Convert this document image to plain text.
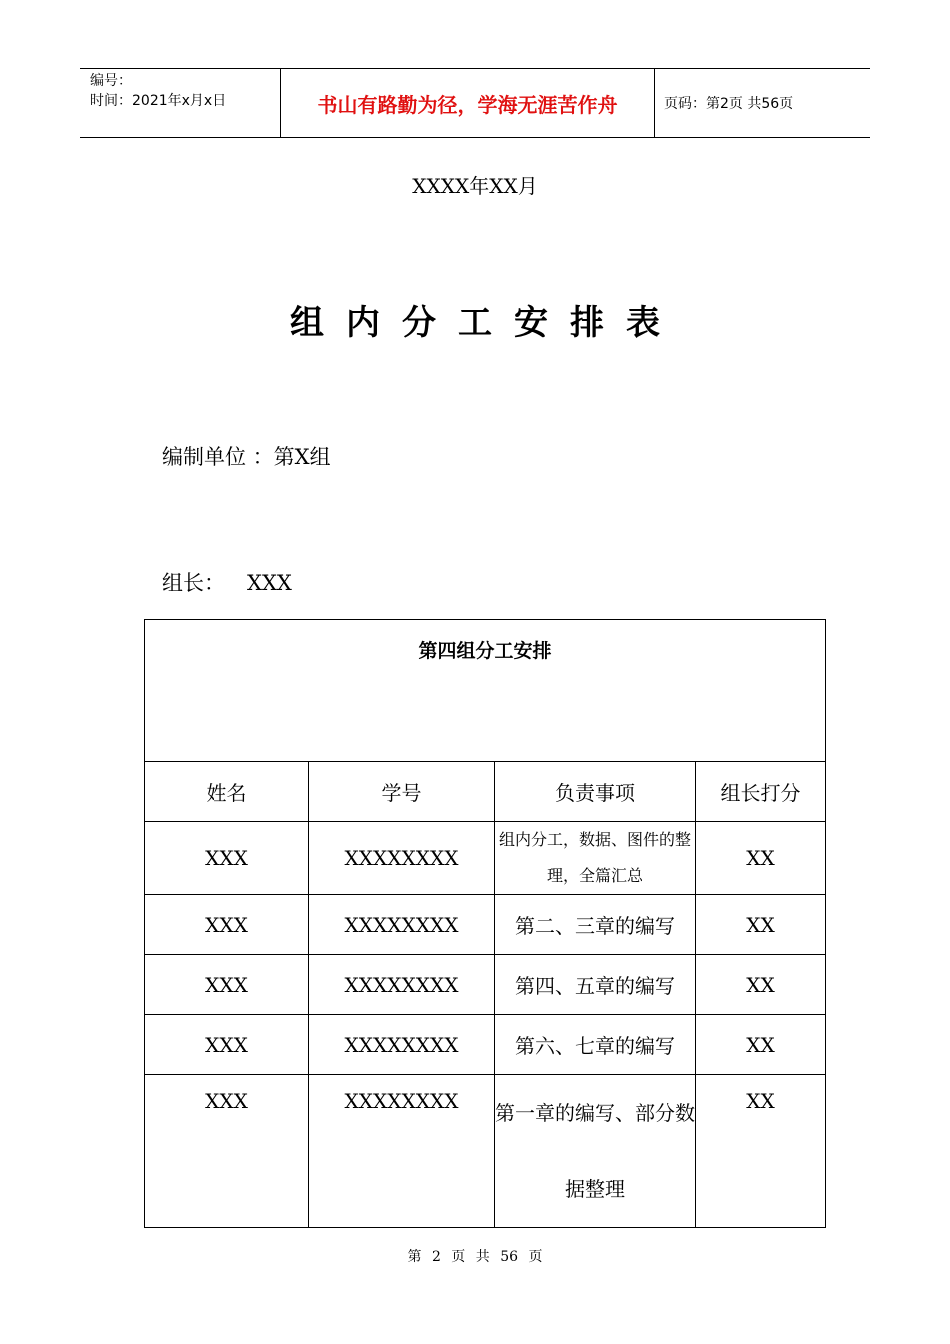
编号：
时间：2021年x月x日	书山有路勤为径，学海无涯苦作舟	页码：第2页 共56页
XXXX年XX月
组内分工安排表
编制单位 ：第X组
组长： XXX
第四组分工安排			
姓名	学号	负责事项	组长打分
XXX	XXXXXXXX	组内分工，数据、图件的整理，全篇汇总	XX
XXX	XXXXXXXX	第二、三章的编写	XX
XXX	XXXXXXXX	第四、五章的编写	XX
XXX	XXXXXXXX	第六、七章的编写	XX
XXX	XXXXXXXX	第一章的编写、部分数据整理	XX
第 2 页 共 56 页
